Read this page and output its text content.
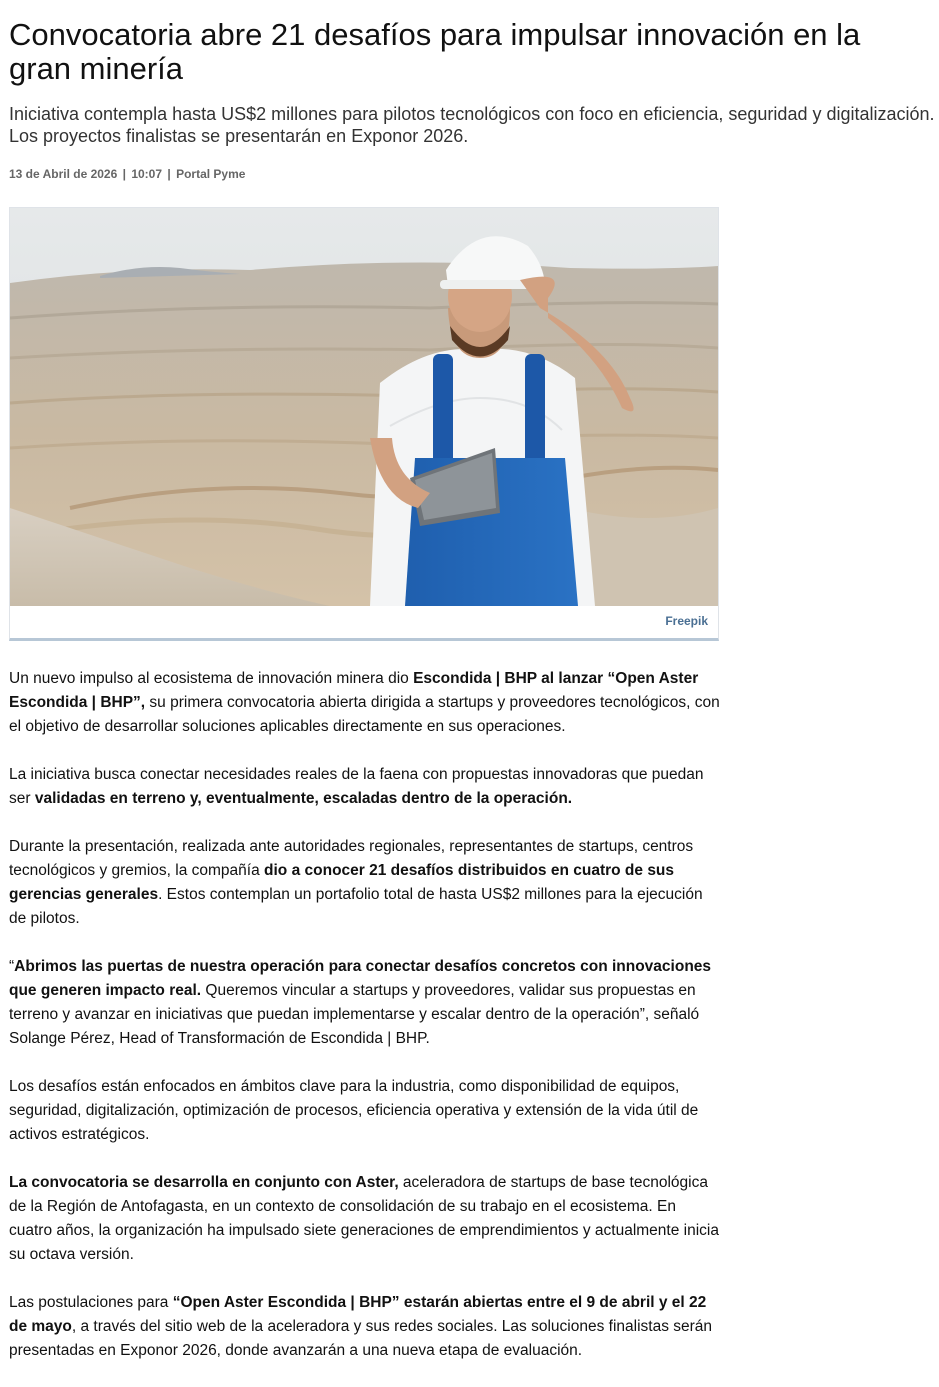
Convocatoria abre 21 desafíos para impulsar innovación en la gran minería

Iniciativa contempla hasta US$2 millones para pilotos tecnológicos con foco en eficiencia, seguridad y digitalización. Los proyectos finalistas se presentarán en Exponor 2026.

13 de Abril de 2026 | 10:07 | Portal Pyme
Freepik

Un nuevo impulso al ecosistema de innovación minera dio Escondida | BHP al lanzar “Open Aster Escondida | BHP”, su primera convocatoria abierta dirigida a startups y proveedores tecnológicos, con el objetivo de desarrollar soluciones aplicables directamente en sus operaciones.

La iniciativa busca conectar necesidades reales de la faena con propuestas innovadoras que puedan ser validadas en terreno y, eventualmente, escaladas dentro de la operación.

Durante la presentación, realizada ante autoridades regionales, representantes de startups, centros tecnológicos y gremios, la compañía dio a conocer 21 desafíos distribuidos en cuatro de sus gerencias generales. Estos contemplan un portafolio total de hasta US$2 millones para la ejecución de pilotos.

“Abrimos las puertas de nuestra operación para conectar desafíos concretos con innovaciones que generen impacto real. Queremos vincular a startups y proveedores, validar sus propuestas en terreno y avanzar en iniciativas que puedan implementarse y escalar dentro de la operación”, señaló Solange Pérez, Head of Transformación de Escondida | BHP.

Los desafíos están enfocados en ámbitos clave para la industria, como disponibilidad de equipos, seguridad, digitalización, optimización de procesos, eficiencia operativa y extensión de la vida útil de activos estratégicos.

La convocatoria se desarrolla en conjunto con Aster, aceleradora de startups de base tecnológica de la Región de Antofagasta, en un contexto de consolidación de su trabajo en el ecosistema. En cuatro años, la organización ha impulsado siete generaciones de emprendimientos y actualmente inicia su octava versión.

Las postulaciones para “Open Aster Escondida | BHP” estarán abiertas entre el 9 de abril y el 22 de mayo, a través del sitio web de la aceleradora y sus redes sociales. Las soluciones finalistas serán presentadas en Exponor 2026, donde avanzarán a una nueva etapa de evaluación.
